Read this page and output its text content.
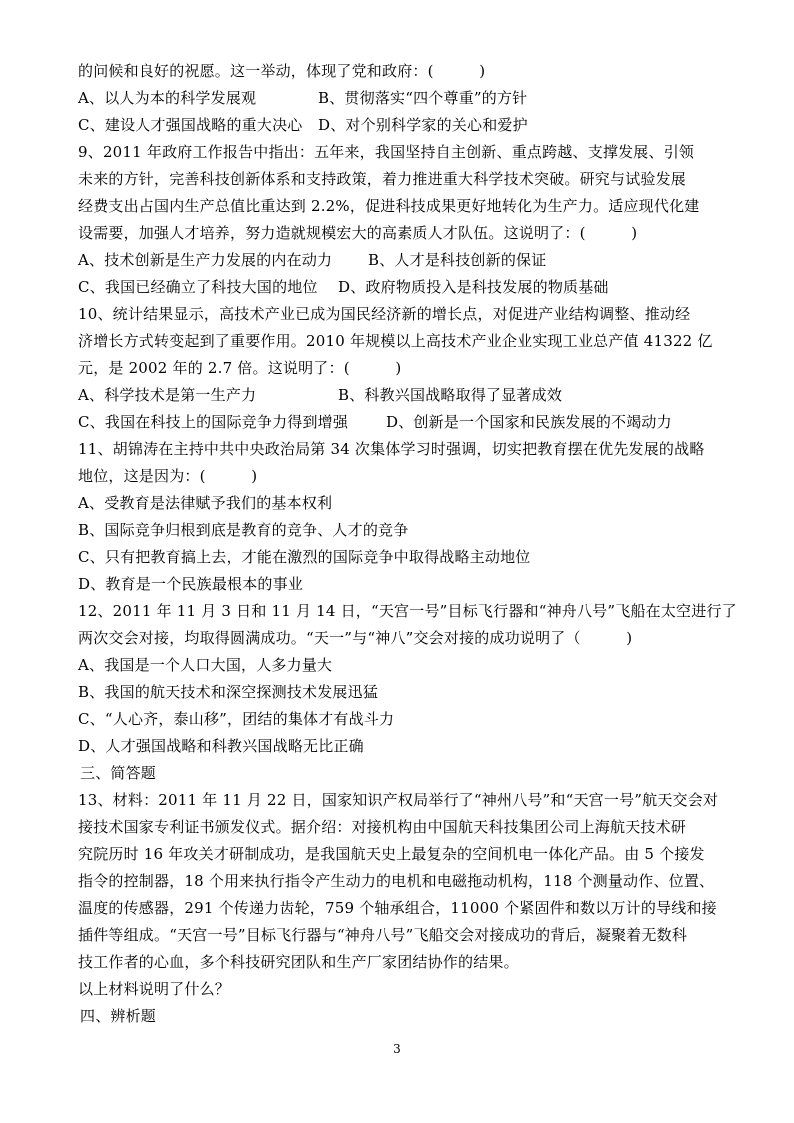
的问候和良好的祝愿。这一举动，体现了党和政府：(　　　)
A、以人为本的科学发展观	B、贯彻落实“四个尊重”的方针
C、建设人才强国战略的重大决心 D、对个别科学家的关心和爱护
9、2011 年政府工作报告中指出：五年来，我国坚持自主创新、重点跨越、支撑发展、引领
未来的方针，完善科技创新体系和支持政策，着力推进重大科学技术突破。研究与试验发展
经费支出占国内生产总值比重达到 2.2%，促进科技成果更好地转化为生产力。适应现代化建
设需要，加强人才培养，努力造就规模宏大的高素质人才队伍。这说明了：(　　　)
A、技术创新是生产力发展的内在动力 B、人才是科技创新的保证
C、我国已经确立了科技大国的地位 D、政府物质投入是科技发展的物质基础
10、统计结果显示，高技术产业已成为国民经济新的增长点，对促进产业结构调整、推动经
济增长方式转变起到了重要作用。2010 年规模以上高技术产业企业实现工业总产值 41322 亿
元，是 2002 年的 2.7 倍。这说明了：(　　　)
A、科学技术是第一生产力	B、科教兴国战略取得了显著成效
C、我国在科技上的国际竞争力得到增强	D、创新是一个国家和民族发展的不竭动力
11、胡锦涛在主持中共中央政治局第 34 次集体学习时强调，切实把教育摆在优先发展的战略
地位，这是因为：(　　　)
A、受教育是法律赋予我们的基本权利
B、国际竞争归根到底是教育的竞争、人才的竞争
C、只有把教育搞上去，才能在激烈的国际竞争中取得战略主动地位
D、教育是一个民族最根本的事业
12、2011 年 11 月 3 日和 11 月 14 日，“天宫一号”目标飞行器和“神舟八号”飞船在太空进行了
两次交会对接，均取得圆满成功。“天一”与“神八”交会对接的成功说明了（　　　)
A、我国是一个人口大国，人多力量大
B、我国的航天技术和深空探测技术发展迅猛
C、“人心齐，泰山移”，团结的集体才有战斗力
D、人才强国战略和科教兴国战略无比正确
三、简答题
13、材料：2011 年 11 月 22 日，国家知识产权局举行了“神州八号”和“天宫一号”航天交会对
接技术国家专利证书颁发仪式。据介绍：对接机构由中国航天科技集团公司上海航天技术研
究院历时 16 年攻关才研制成功，是我国航天史上最复杂的空间机电一体化产品。由 5 个接发
指令的控制器，18 个用来执行指令产生动力的电机和电磁拖动机构，118 个测量动作、位置、
温度的传感器，291 个传递力齿轮，759 个轴承组合，11000 个紧固件和数以万计的导线和接
插件等组成。“天宫一号”目标飞行器与“神舟八号”飞船交会对接成功的背后，凝聚着无数科
技工作者的心血，多个科技研究团队和生产厂家团结协作的结果。
以上材料说明了什么？
四、辨析题
3
